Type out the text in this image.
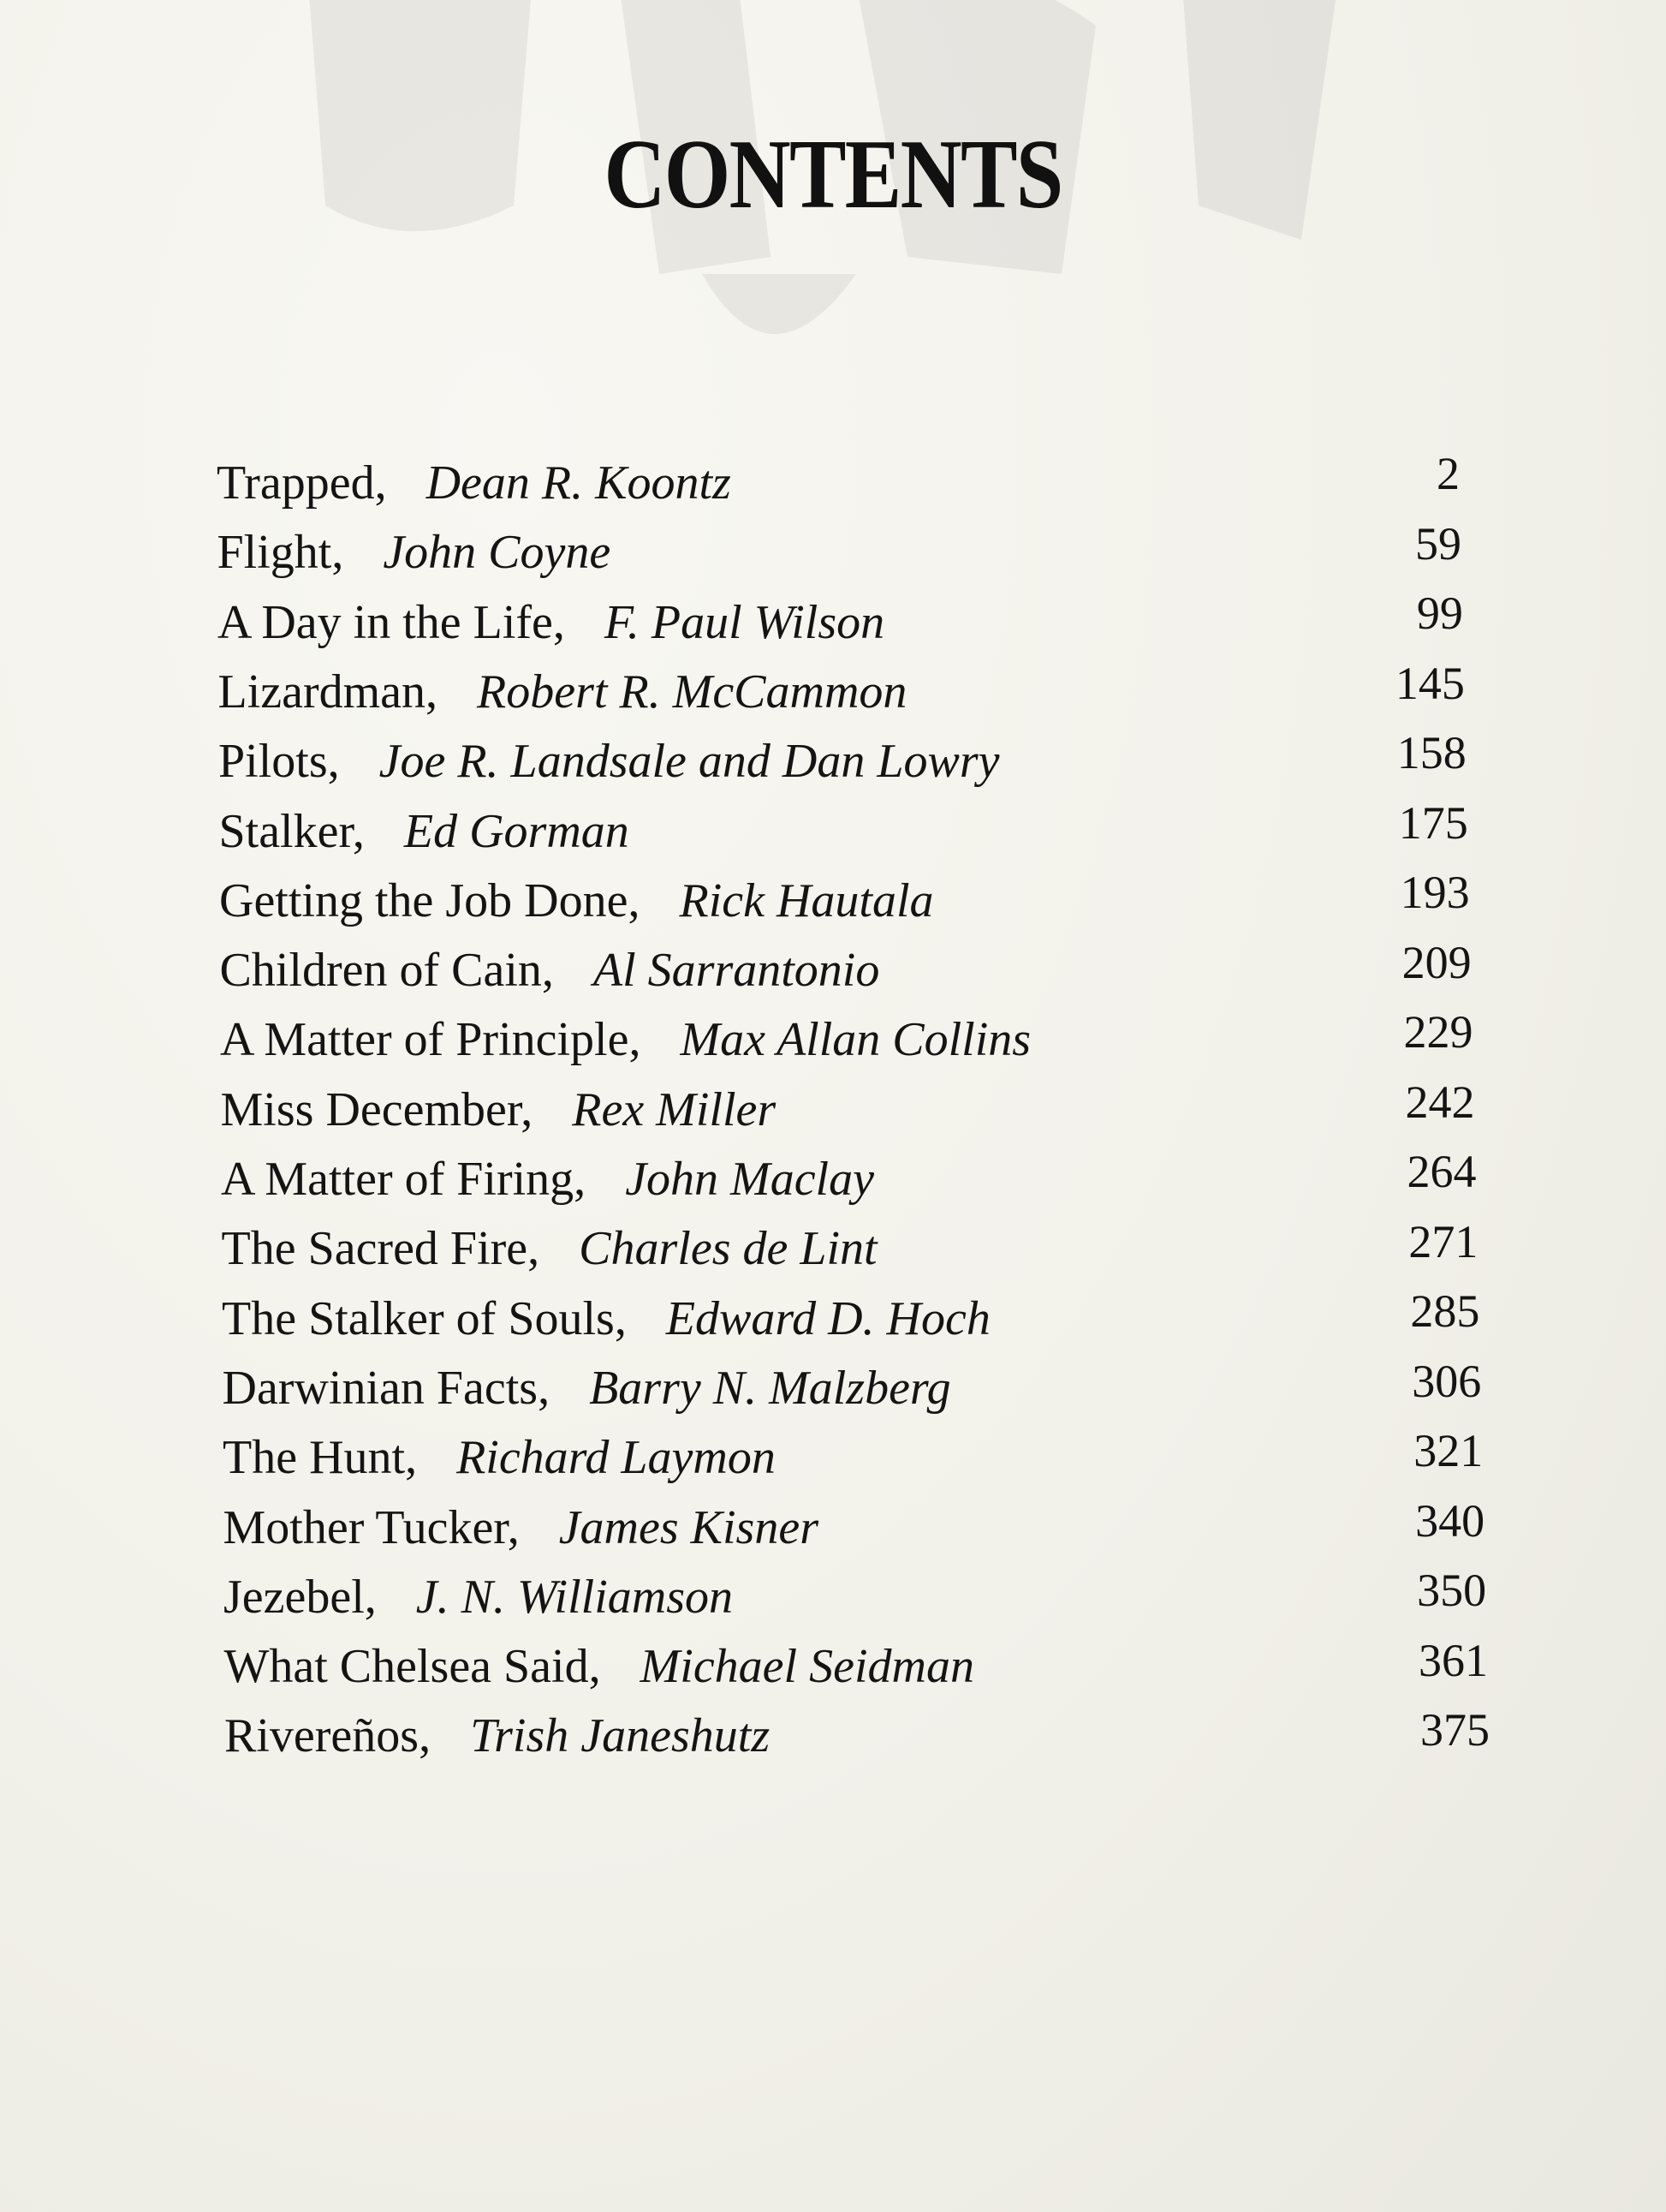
CONTENTS
Trapped, Dean R. Koontz	2
Flight, John Coyne	59
A Day in the Life, F. Paul Wilson	99
Lizardman, Robert R. McCammon	145
Pilots, Joe R. Landsale and Dan Lowry	158
Stalker, Ed Gorman	175
Getting the Job Done, Rick Hautala	193
Children of Cain, Al Sarrantonio	209
A Matter of Principle, Max Allan Collins	229
Miss December, Rex Miller	242
A Matter of Firing, John Maclay	264
The Sacred Fire, Charles de Lint	271
The Stalker of Souls, Edward D. Hoch	285
Darwinian Facts, Barry N. Malzberg	306
The Hunt, Richard Laymon	321
Mother Tucker, James Kisner	340
Jezebel, J. N. Williamson	350
What Chelsea Said, Michael Seidman	361
Rivereños, Trish Janeshutz	375
